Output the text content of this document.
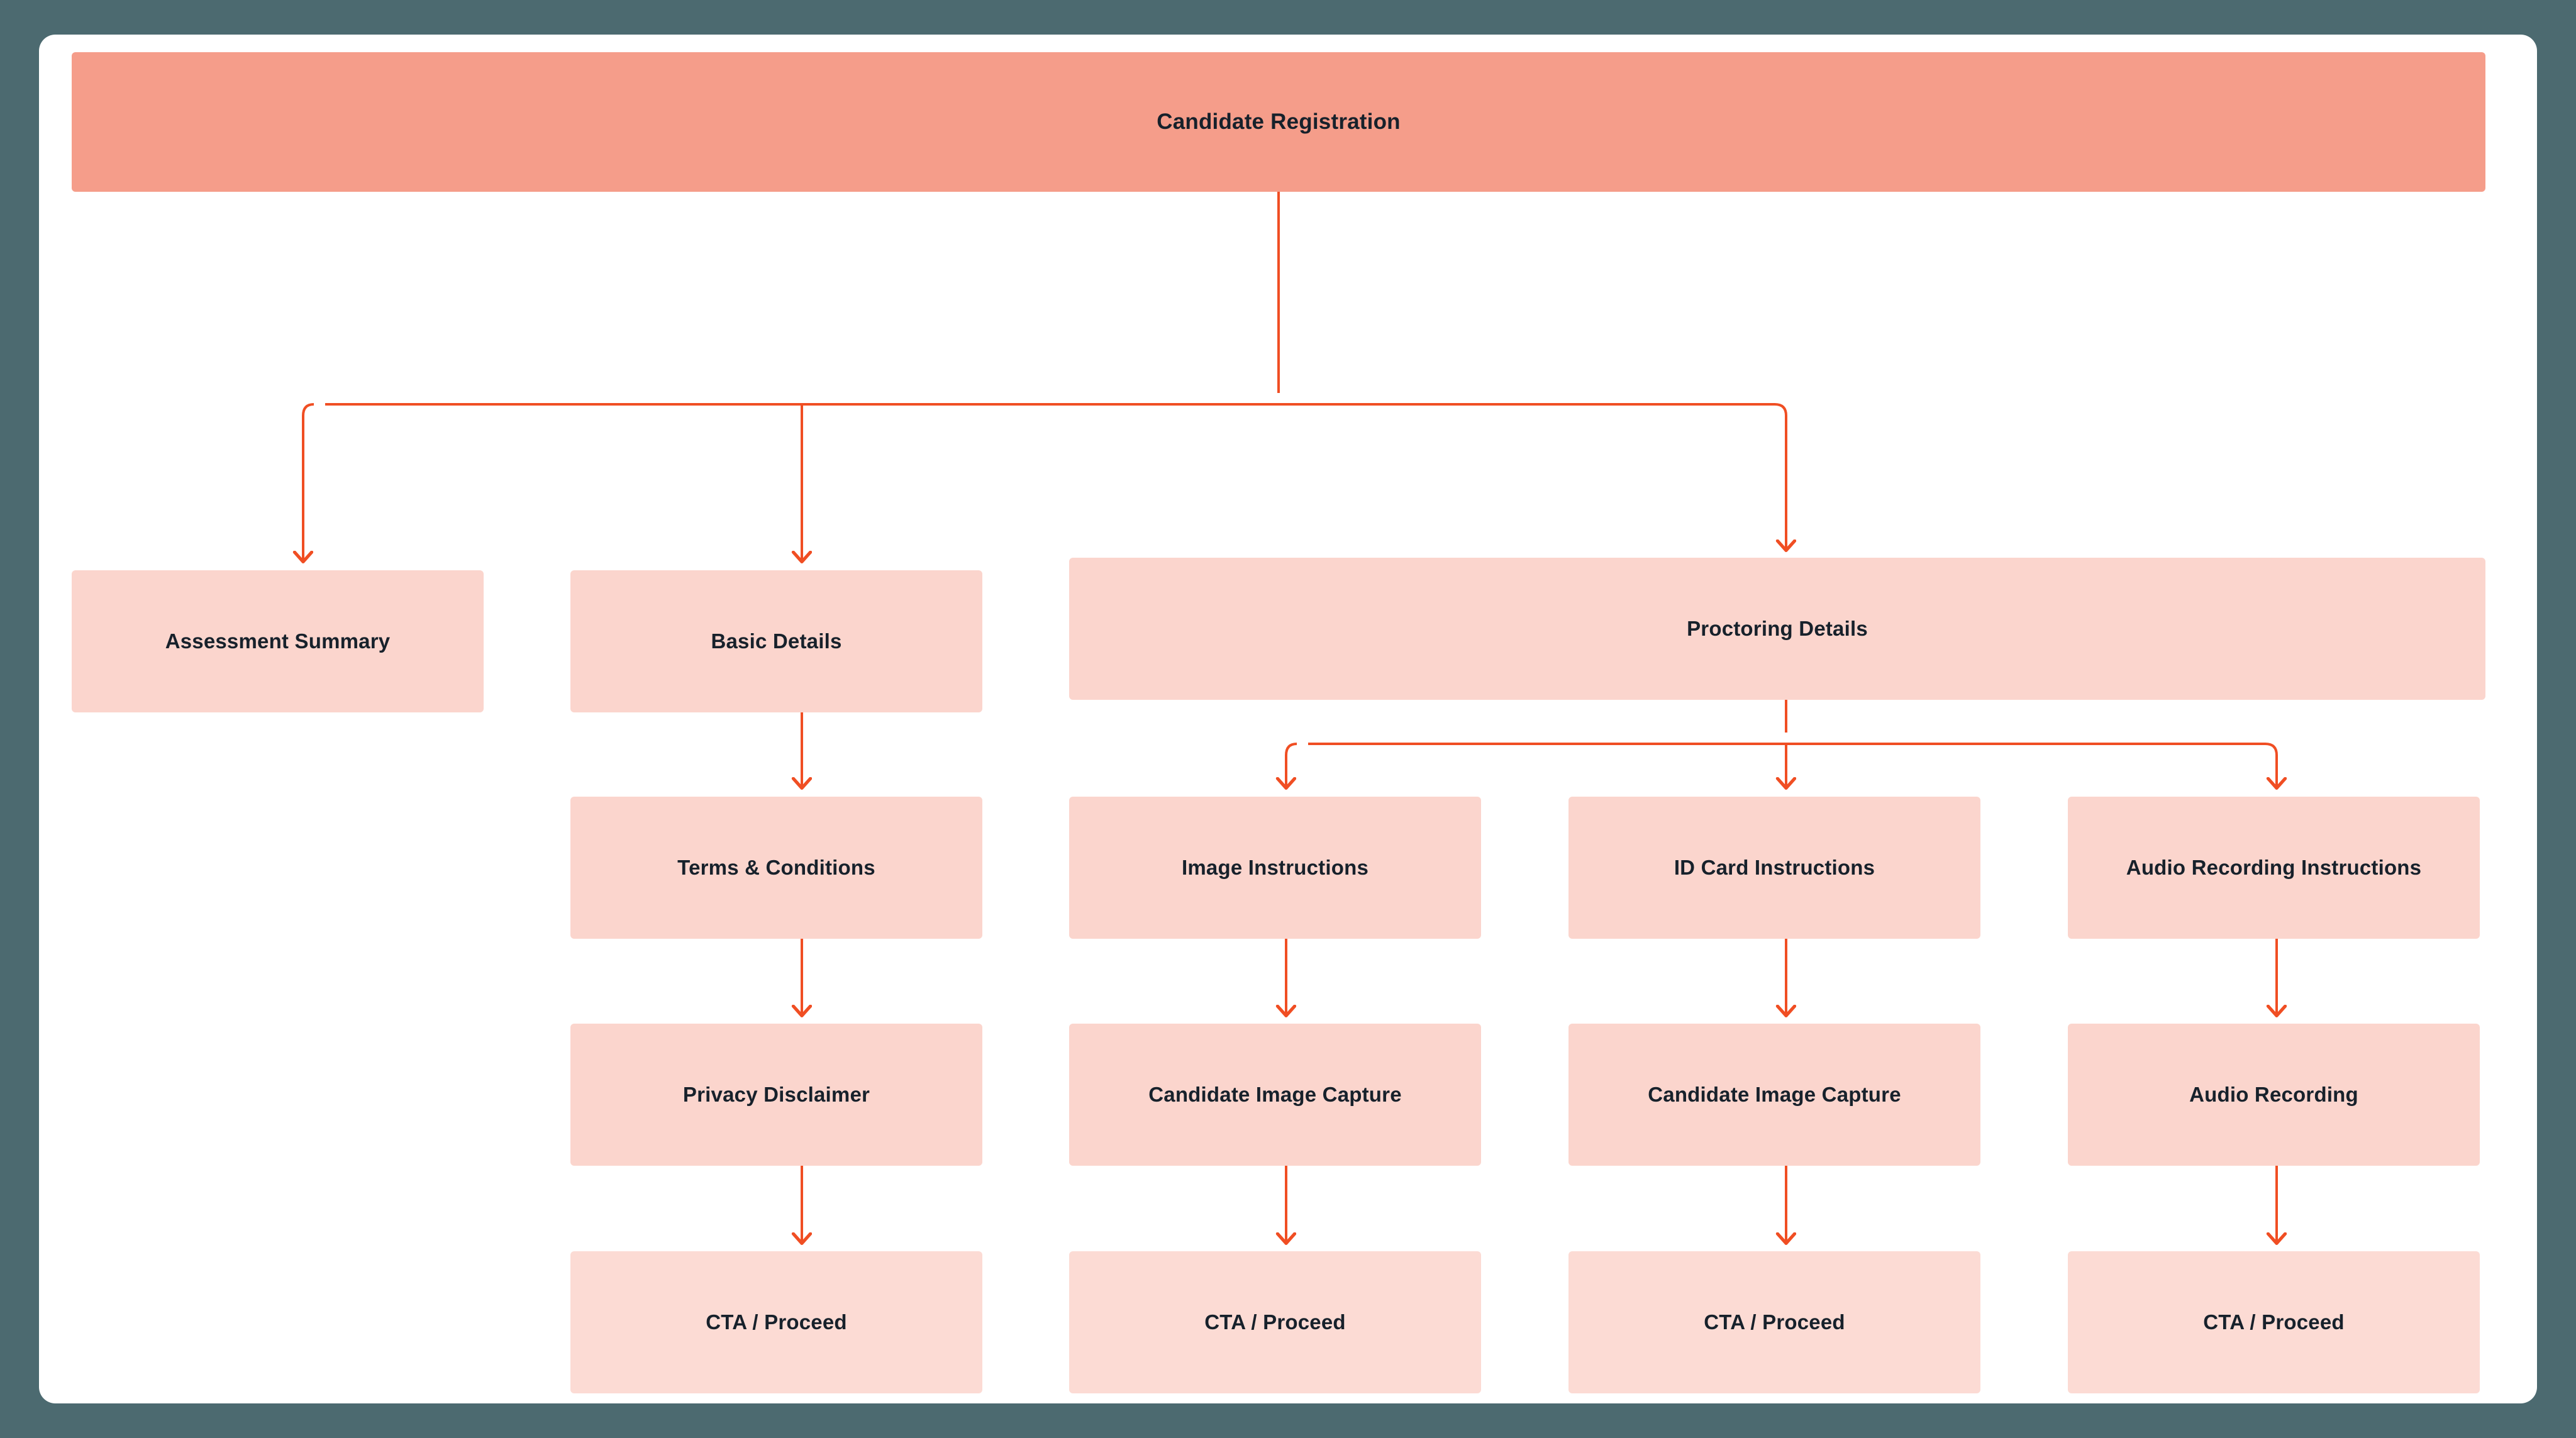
Candidate Registration
Assessment Summary	Basic Details
Proctoring Details
Terms & Conditions	Image Instructions	ID Card Instructions	Audio Recording Instructions
Privacy Disclaimer	Candidate Image Capture	Candidate Image Capture	Audio Recording
CTA / Proceed	CTA / Proceed	CTA / Proceed	CTA / Proceed
